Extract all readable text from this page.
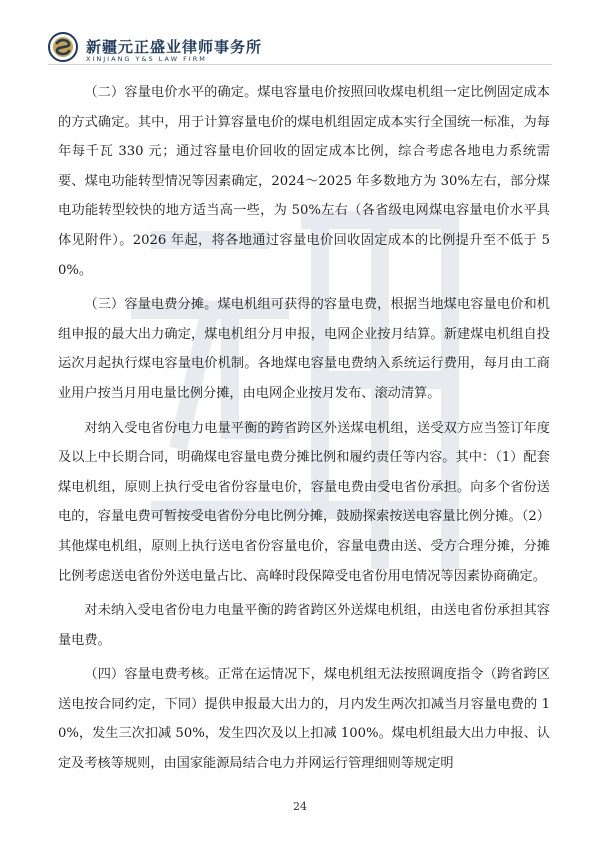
新疆元正盛业律师事务所
XINJIANG Y&S LAW FIRM

（二）容量电价水平的确定。煤电容量电价按照回收煤电机组一定比例固定成本的方式确定。其中，用于计算容量电价的煤电机组固定成本实行全国统一标准，为每年每千瓦 330 元；通过容量电价回收的固定成本比例，综合考虑各地电力系统需要、煤电功能转型情况等因素确定，2024～2025 年多数地方为 30%左右，部分煤电功能转型较快的地方适当高一些，为 50%左右（各省级电网煤电容量电价水平具体见附件）。2026 年起，将各地通过容量电价回收固定成本的比例提升至不低于 50%。

（三）容量电费分摊。煤电机组可获得的容量电费，根据当地煤电容量电价和机组申报的最大出力确定，煤电机组分月申报，电网企业按月结算。新建煤电机组自投运次月起执行煤电容量电价机制。各地煤电容量电费纳入系统运行费用，每月由工商业用户按当月用电量比例分摊，由电网企业按月发布、滚动清算。

对纳入受电省份电力电量平衡的跨省跨区外送煤电机组，送受双方应当签订年度及以上中长期合同，明确煤电容量电费分摊比例和履约责任等内容。其中：（1）配套煤电机组，原则上执行受电省份容量电价，容量电费由受电省份承担。向多个省份送电的，容量电费可暂按受电省份分电比例分摊，鼓励探索按送电容量比例分摊。（2）其他煤电机组，原则上执行送电省份容量电价，容量电费由送、受方合理分摊，分摊比例考虑送电省份外送电量占比、高峰时段保障受电省份用电情况等因素协商确定。

对未纳入受电省份电力电量平衡的跨省跨区外送煤电机组，由送电省份承担其容量电费。

（四）容量电费考核。正常在运情况下，煤电机组无法按照调度指令（跨省跨区送电按合同约定，下同）提供申报最大出力的，月内发生两次扣减当月容量电费的 10%，发生三次扣减 50%，发生四次及以上扣减 100%。煤电机组最大出力申报、认定及考核等规则，由国家能源局结合电力并网运行管理细则等规定明

24
